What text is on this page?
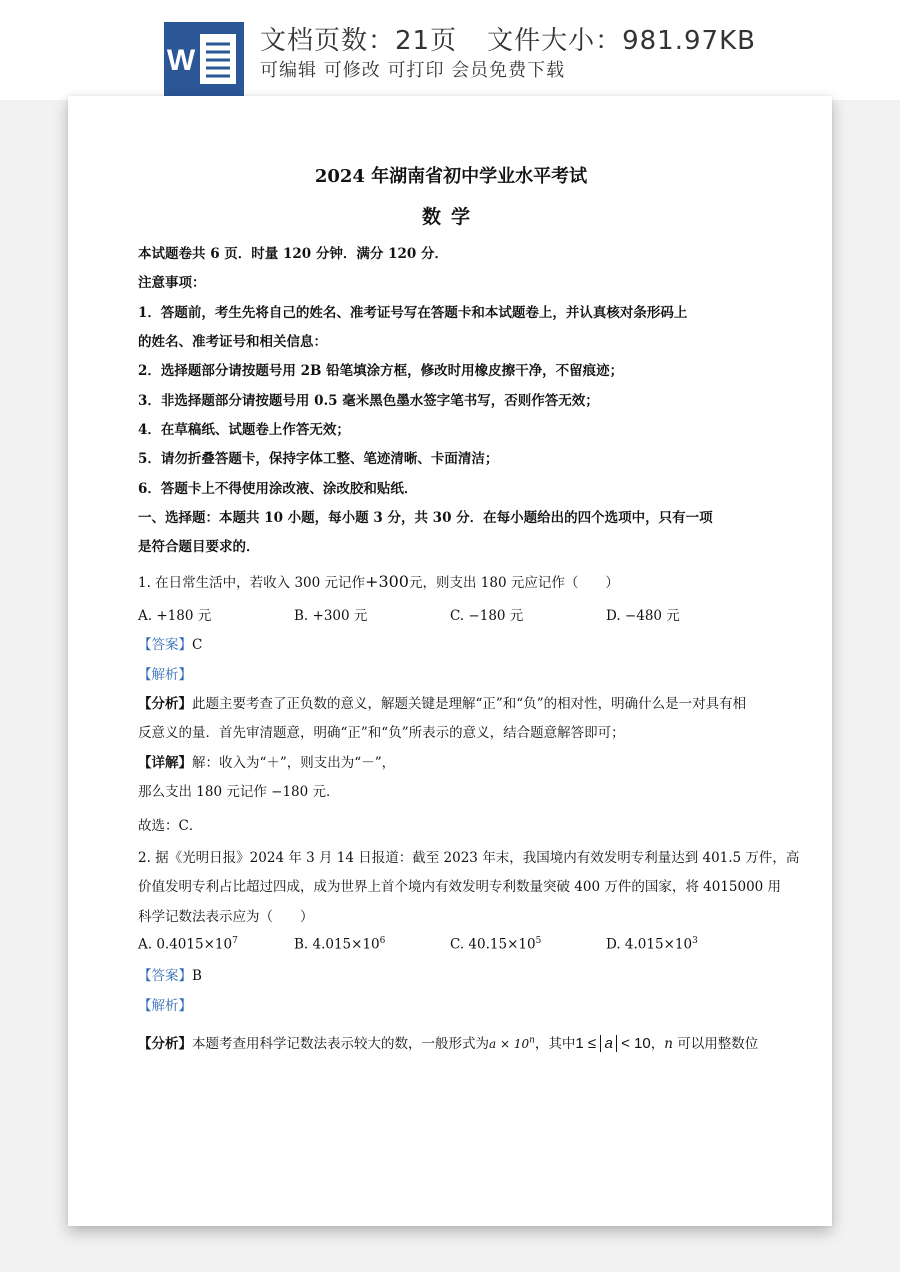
W
文档页数：21页 文件大小：981.97KB
可编辑 可修改 可打印 会员免费下载
2024 年湖南省初中学业水平考试
数学
本试题卷共 6 页．时量 120 分钟．满分 120 分．
注意事项：
1．答题前，考生先将自己的姓名、准考证号写在答题卡和本试题卷上，并认真核对条形码上
的姓名、准考证号和相关信息：
2．选择题部分请按题号用 2B 铅笔填涂方框，修改时用橡皮擦干净，不留痕迹；
3．非选择题部分请按题号用 0.5 毫米黑色墨水签字笔书写，否则作答无效；
4．在草稿纸、试题卷上作答无效；
5．请勿折叠答题卡，保持字体工整、笔迹清晰、卡面清洁；
6．答题卡上不得使用涂改液、涂改胶和贴纸．
一、选择题：本题共 10 小题，每小题 3 分，共 30 分．在每小题给出的四个选项中，只有一项
是符合题目要求的．
1. 在日常生活中，若收入 300 元记作+300元，则支出 180 元应记作（　　）
A. +180 元	B. +300 元	C. −180 元	D. −480 元
【答案】C
【解析】
【分析】此题主要考查了正负数的意义，解题关键是理解“正”和“负”的相对性，明确什么是一对具有相
反意义的量．首先审清题意，明确“正”和“负”所表示的意义，结合题意解答即可；
【详解】解：收入为“＋”，则支出为“－”，
那么支出 180 元记作 −180 元．
故选：C．
2. 据《光明日报》2024 年 3 月 14 日报道：截至 2023 年末，我国境内有效发明专利量达到 401.5 万件，高
价值发明专利占比超过四成，成为世界上首个境内有效发明专利数量突破 400 万件的国家，将 4015000 用
科学记数法表示应为（　　）
A. $0.4015\times 10^7$	B. $4.015\times 10^6$	C. $40.15\times 10^5$	D. $4.015\times 10^3$
【答案】B
【解析】
【分析】本题考查用科学记数法表示较大的数，一般形式为$a \times 10^n$，其中1 ≤ a < 10，n 可以用整数位
